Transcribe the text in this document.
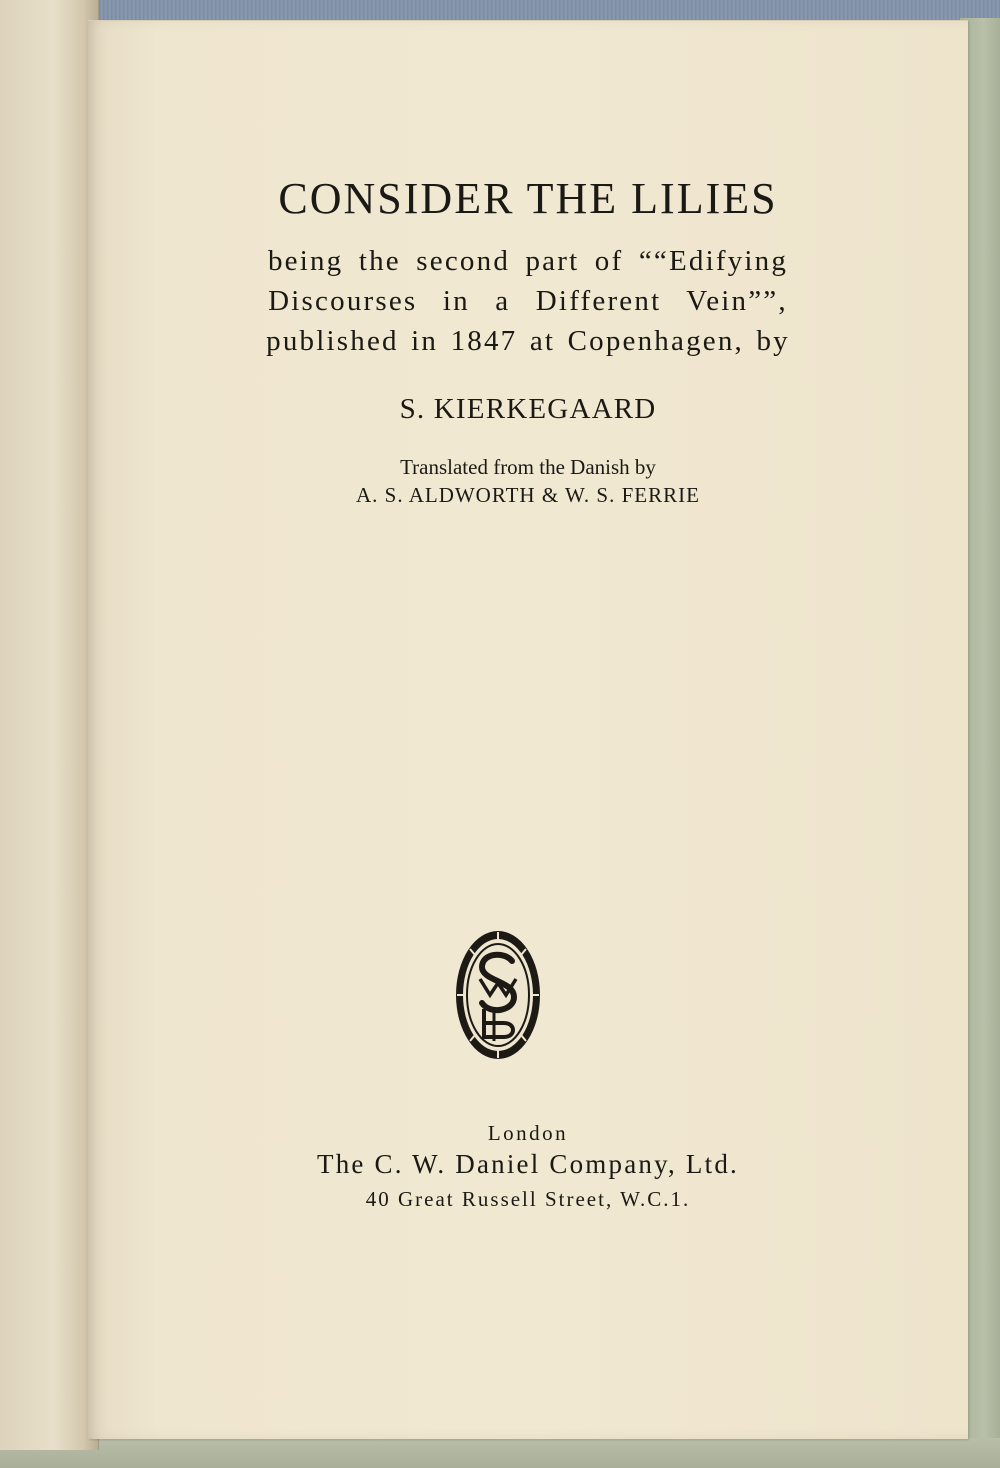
CONSIDER THE LILIES
being the second part of ““Edifying
Discourses in a Different Vein””,
published in 1847 at Copenhagen, by
S. KIERKEGAARD
Translated from the Danish by
A. S. ALDWORTH & W. S. FERRIE
London
The C. W. Daniel Company, Ltd.
40 Great Russell Street, W.C.1.
